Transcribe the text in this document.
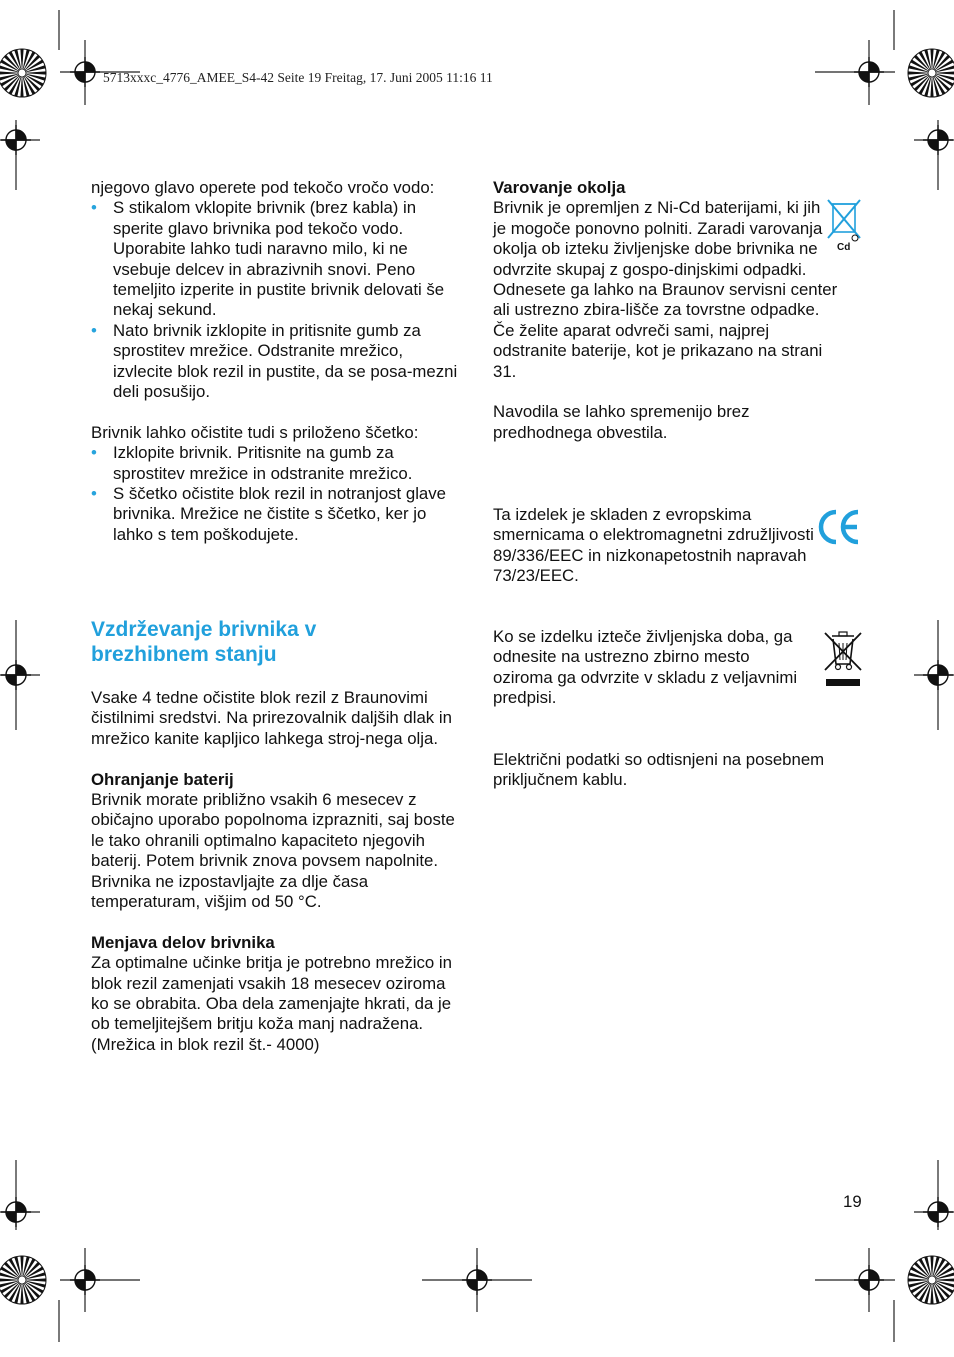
5713xxxc_4776_AMEE_S4-42 Seite 19 Freitag, 17. Juni 2005 11:16 11

njegovo glavo operete pod tekočo vročo vodo:

• S stikalom vklopite brivnik (brez kabla) in sperite glavo brivnika pod tekočo vodo. Uporabite lahko tudi naravno milo, ki ne vsebuje delcev in abrazivnih snovi. Peno temeljito izperite in pustite brivnik delovati še nekaj sekund.
• Nato brivnik izklopite in pritisnite gumb za sprostitev mrežice. Odstranite mrežico, izvlecite blok rezil in pustite, da se posa-mezni deli posušijo.

Brivnik lahko očistite tudi s priloženo ščetko:

• Izklopite brivnik. Pritisnite na gumb za sprostitev mrežice in odstranite mrežico.
• S ščetko očistite blok rezil in notranjost glave brivnika. Mrežice ne čistite s ščetko, ker jo lahko s tem poškodujete.

Vzdrževanje brivnika v

brezhibnem stanju

Vsake 4 tedne očistite blok rezil z Braunovimi čistilnimi sredstvi. Na prirezovalnik daljših dlak in mrežico kanite kapljico lahkega stroj-nega olja.

Ohranjanje baterij

Brivnik morate približno vsakih 6 mesecev z običajno uporabo popolnoma izprazniti, saj boste le tako ohranili optimalno kapaciteto njegovih baterij. Potem brivnik znova povsem napolnite. Brivnika ne izpostavljajte za dlje časa temperaturam, višjim od 50 °C.

Menjava delov brivnika

Za optimalne učinke britja je potrebno mrežico in blok rezil zamenjati vsakih 18 mesecev oziroma ko se obrabita. Oba dela zamenjajte hkrati, da je ob temeljitejšem britju koža manj nadražena.

(Mrežica in blok rezil št.- 4000)

Varovanje okolja

Brivnik je opremljen z Ni-Cd baterijami, ki jih je mogoče ponovno polniti. Zaradi varovanja okolja ob izteku življenjske dobe brivnika ne odvrzite skupaj z gospo-dinjskimi odpadki. Odnesete ga lahko na Braunov servisni center ali ustrezno zbira-lišče za tovrstne odpadke.

Če želite aparat odvreči sami, najprej odstranite baterije, kot je prikazano na strani 31.

Navodila se lahko spremenijo brez predhodnega obvestila.

Cd

Ta izdelek je skladen z evropskima smernicama o elektromagnetni združljivosti 89/336/EEC in nizkonapetostnih napravah 73/23/EEC.

Ko se izdelku izteče življenjska doba, ga odnesite na ustrezno zbirno mesto oziroma ga odvrzite v skladu z veljavnimi predpisi.

Električni podatki so odtisnjeni na posebnem priključnem kablu.

19
